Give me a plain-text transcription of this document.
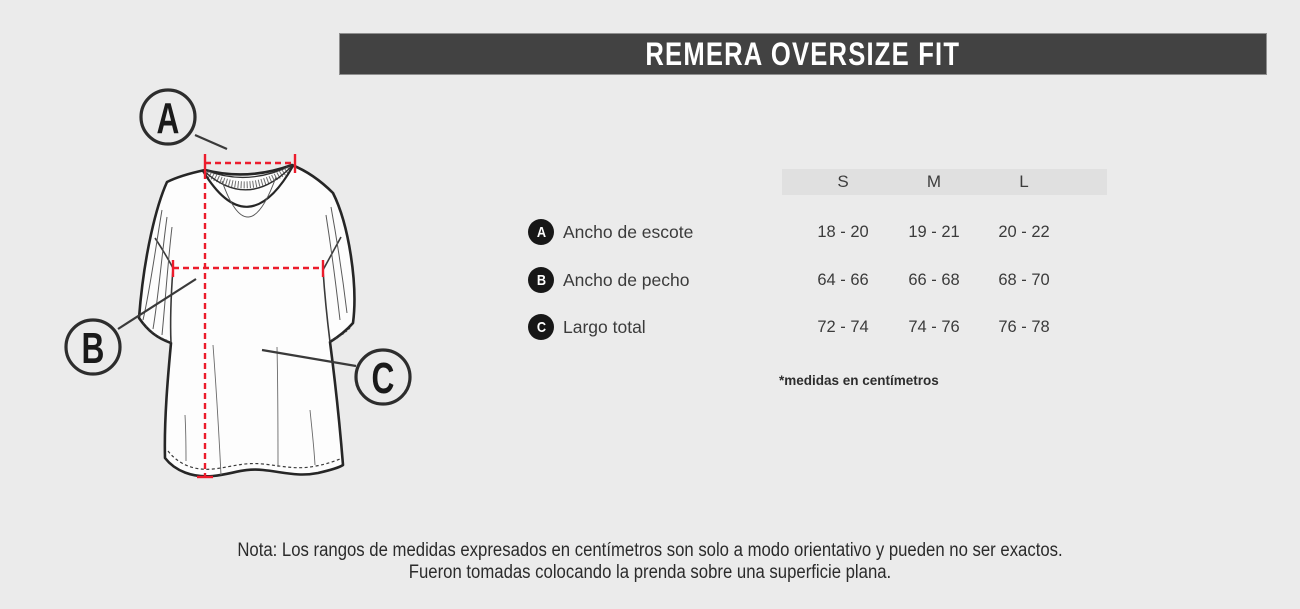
REMERA OVERSIZE FIT
A
B
C
S	M	L
A Ancho de escote	18 - 20	19 - 21	20 - 22
B Ancho de pecho	64 - 66	66 - 68	68 - 70
C Largo total	72 - 74	74 - 76	76 - 78
*medidas en centímetros
Nota: Los rangos de medidas expresados en centímetros son solo a modo orientativo y pueden no ser exactos.
Fueron tomadas colocando la prenda sobre una superficie plana.
